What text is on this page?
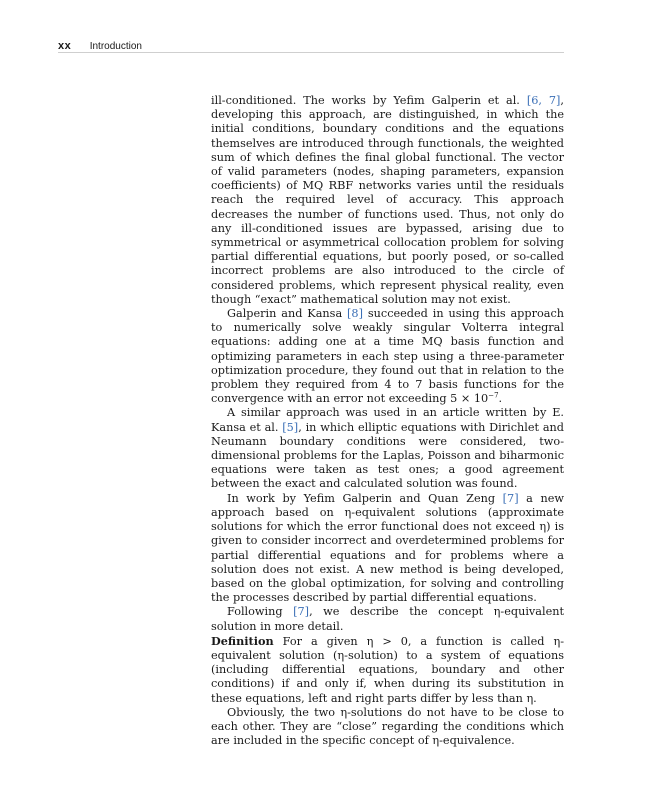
xx Introduction

ill-conditioned. The works by Yefim Galperin et al. [6, 7], developing this approach, are distinguished, in which the initial conditions, boundary conditions and the equations themselves are introduced through functionals, the weighted sum of which defines the final global functional. The vector of valid parameters (nodes, shaping parameters, expansion coefficients) of MQ RBF networks varies until the residuals reach the required level of accuracy. This approach decreases the number of functions used. Thus, not only do any ill-conditioned issues are bypassed, arising due to symmetrical or asymmetrical collocation problem for solving partial differential equations, but poorly posed, or so-called incorrect problems are also introduced to the circle of considered problems, which represent physical reality, even though “exact” mathematical solution may not exist.

Galperin and Kansa [8] succeeded in using this approach to numerically solve weakly singular Volterra integral equations: adding one at a time MQ basis function and optimizing parameters in each step using a three-parameter optimization procedure, they found out that in relation to the problem they required from 4 to 7 basis functions for the convergence with an error not exceeding $5 \times 10^{-7}$.

A similar approach was used in an article written by E. Kansa et al. [5], in which elliptic equations with Dirichlet and Neumann boundary conditions were considered, two-dimensional problems for the Laplas, Poisson and biharmonic equations were taken as test ones; a good agreement between the exact and calculated solution was found.

In work by Yefim Galperin and Quan Zeng [7] a new approach based on η-equivalent solutions (approximate solutions for which the error functional does not exceed η) is given to consider incorrect and overdetermined problems for partial differential equations and for problems where a solution does not exist. A new method is being developed, based on the global optimization, for solving and controlling the processes described by partial differential equations.

Following [7], we describe the concept η-equivalent solution in more detail.

Definition For a given η > 0, a function is called η-equivalent solution (η-solution) to a system of equations (including differential equations, boundary and other conditions) if and only if, when during its substitution in these equations, left and right parts differ by less than η.

Obviously, the two η-solutions do not have to be close to each other. They are “close” regarding the conditions which are included in the specific concept of η-equivalence.
